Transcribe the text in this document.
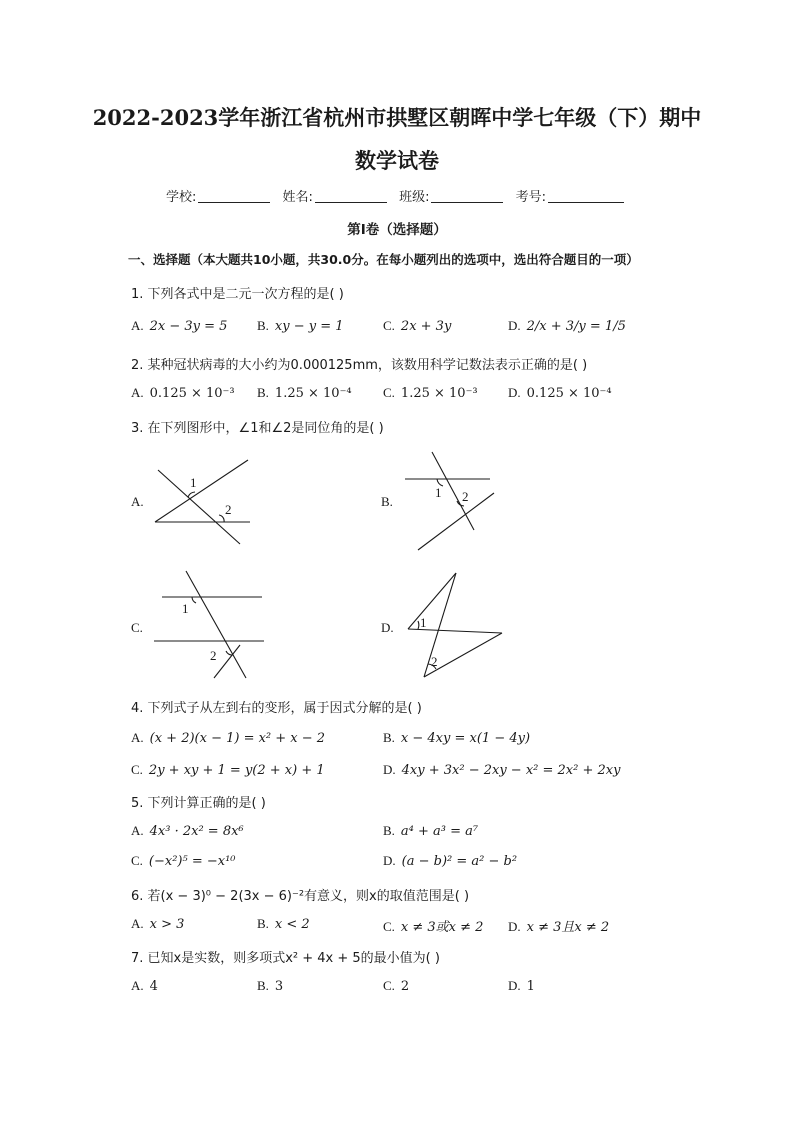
2022-2023学年浙江省杭州市拱墅区朝晖中学七年级（下）期中
数学试卷
学校:	姓名:	班级:	考号:
第Ⅰ卷（选择题）
一、选择题（本大题共10小题，共30.0分。在每小题列出的选项中，选出符合题目的一项）
1. 下列各式中是二元一次方程的是( )
A. 2x − 3y = 5 B. xy − y = 1	C. 2x + 3y	D. 2/x + 3/y = 1/5
2. 某种冠状病毒的大小约为0.000125mm，该数用科学记数法表示正确的是( )
A. 0.125 × 10⁻³ B. 1.25 × 10⁻⁴ C. 1.25 × 10⁻³ D. 0.125 × 10⁻⁴
3. 在下列图形中，∠1和∠2是同位角的是( )
A.
1
2
B.
1 2
C.
1
2
D. 1
2
4. 下列式子从左到右的变形，属于因式分解的是( )
A. (x + 2)(x − 1) = x² + x − 2	B. x − 4xy = x(1 − 4y)
C. 2y + xy + 1 = y(2 + x) + 1	D. 4xy + 3x² − 2xy − x² = 2x² + 2xy
5. 下列计算正确的是( )
A. 4x³ · 2x² = 8x⁶	B. a⁴ + a³ = a⁷
C. (−x²)⁵ = −x¹⁰	D. (a − b)² = a² − b²
6. 若(x − 3)⁰ − 2(3x − 6)⁻²有意义，则x的取值范围是( )
A. x > 3	B. x < 2	C. x ≠ 3或x ≠ 2 D. x ≠ 3且x ≠ 2
7. 已知x是实数，则多项式x² + 4x + 5的最小值为( )
A. 4	B. 3	C. 2	D. 1
